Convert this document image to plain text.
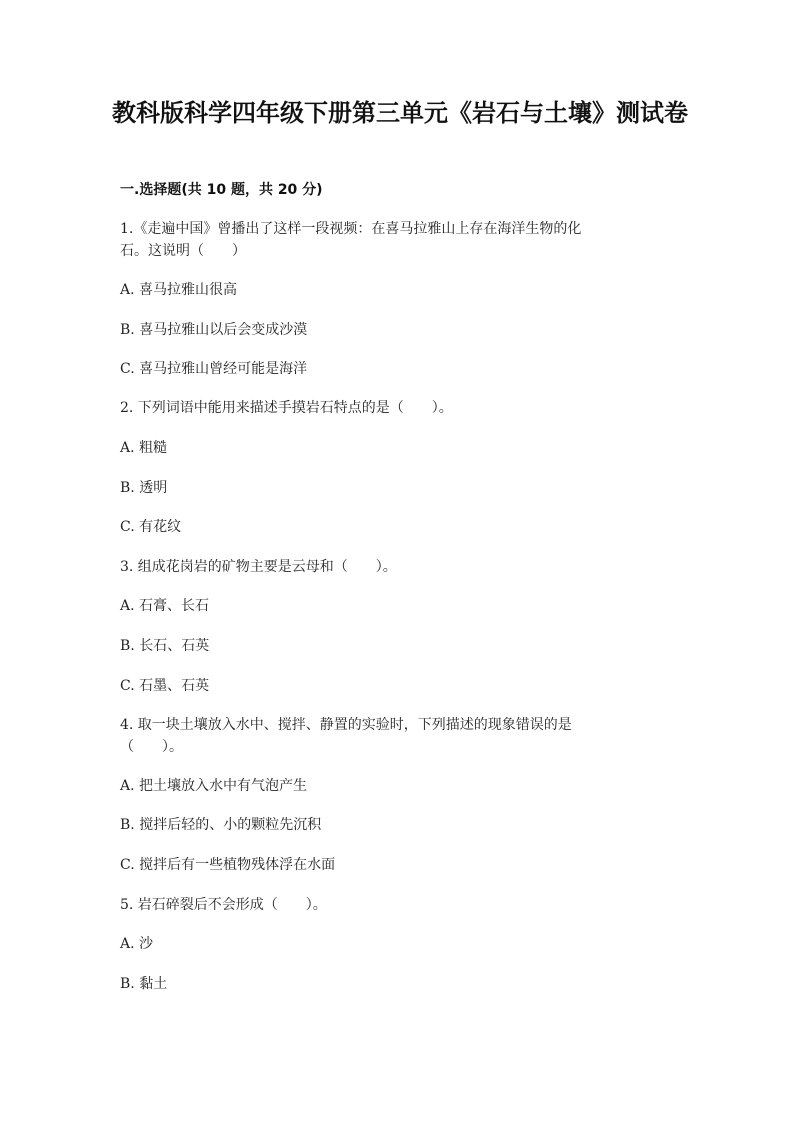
教科版科学四年级下册第三单元《岩石与土壤》测试卷
一.选择题(共 10 题，共 20 分)
1.《走遍中国》曾播出了这样一段视频：在喜马拉雅山上存在海洋生物的化
石。这说明（　　）
A. 喜马拉雅山很高
B. 喜马拉雅山以后会变成沙漠
C. 喜马拉雅山曾经可能是海洋
2. 下列词语中能用来描述手摸岩石特点的是（　　）。
A. 粗糙
B. 透明
C. 有花纹
3. 组成花岗岩的矿物主要是云母和（　　）。
A. 石膏、长石
B. 长石、石英
C. 石墨、石英
4. 取一块土壤放入水中、搅拌、静置的实验时，下列描述的现象错误的是
（　　）。
A. 把土壤放入水中有气泡产生
B. 搅拌后轻的、小的颗粒先沉积
C. 搅拌后有一些植物残体浮在水面
5. 岩石碎裂后不会形成（　　）。
A. 沙
B. 黏土
